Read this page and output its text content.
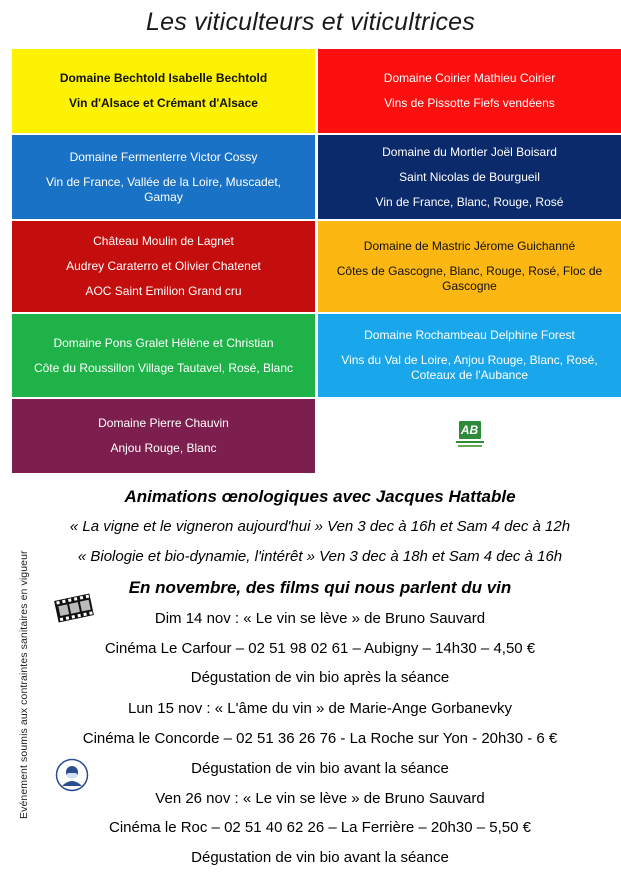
Les viticulteurs et viticultrices
Domaine Bechtold Isabelle Bechtold
Vin d'Alsace et Crémant d'Alsace
Domaine Coirier Mathieu Coirier
Vins de Pissotte Fiefs vendéens
Domaine Fermenterre Victor Cossy
Vin de France, Vallée de la Loire, Muscadet, Gamay
Domaine du Mortier Joël Boisard
Saint Nicolas de Bourgueil
Vin de France, Blanc, Rouge, Rosé
Château Moulin de Lagnet
Audrey Caraterro et Olivier Chatenet
AOC Saint Emilion Grand cru
Domaine de Mastric Jérome Guichanné
Côtes de Gascogne, Blanc, Rouge, Rosé, Floc de Gascogne
Domaine Pons Gralet Hélène et Christian
Côte du Roussillon Village Tautavel, Rosé, Blanc
Domaine Rochambeau Delphine Forest
Vins du Val de Loire, Anjou Rouge, Blanc, Rosé, Coteaux de l'Aubance
Domaine Pierre Chauvin
Anjou Rouge, Blanc
AB
Evénement soumis aux contraintes sanitaires en vigueur
Animations œnologiques avec Jacques Hattable
« La vigne et le vigneron aujourd'hui » Ven 3 dec à 16h et Sam 4 dec à 12h
« Biologie et bio-dynamie, l'intérêt » Ven 3 dec à 18h et Sam 4 dec à 16h
En novembre, des films qui nous parlent du vin
Dim 14 nov : « Le vin se lève » de Bruno Sauvard
Cinéma Le Carfour – 02 51 98 02 61 – Aubigny – 14h30 – 4,50 €
Dégustation de vin bio après la séance
Lun 15 nov : « L'âme du vin » de Marie-Ange Gorbanevky
Cinéma le Concorde – 02 51 36 26 76 - La Roche sur Yon - 20h30 - 6 €
Dégustation de vin bio avant la séance
Ven 26 nov : « Le vin se lève » de Bruno Sauvard
Cinéma le Roc – 02 51 40 62 26 – La Ferrière – 20h30 – 5,50 €
Dégustation de vin bio avant la séance
